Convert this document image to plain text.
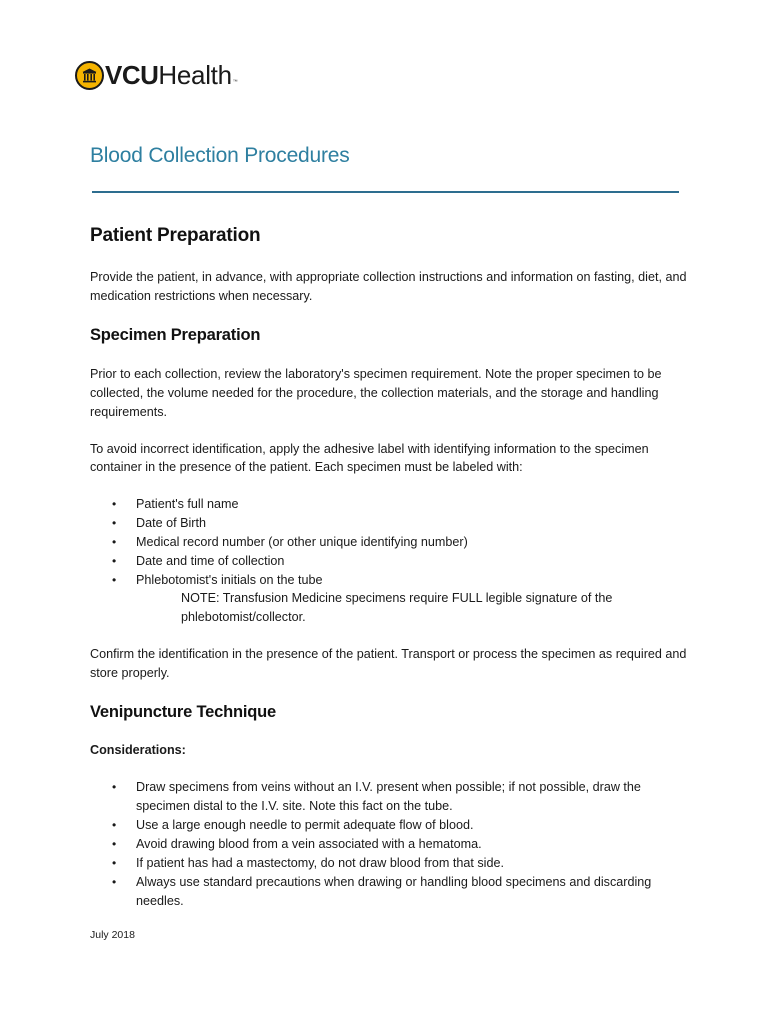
VCU Health ™
Blood Collection Procedures
Patient Preparation

Provide the patient, in advance, with appropriate collection instructions and information on fasting, diet, and medication restrictions when necessary.

Specimen Preparation

Prior to each collection, review the laboratory's specimen requirement. Note the proper specimen to be collected, the volume needed for the procedure, the collection materials, and the storage and handling requirements.

To avoid incorrect identification, apply the adhesive label with identifying information to the specimen container in the presence of the patient. Each specimen must be labeled with:

• Patient's full name
• Date of Birth
• Medical record number (or other unique identifying number)
• Date and time of collection
• Phlebotomist's initials on the tube

NOTE: Transfusion Medicine specimens require FULL legible signature of the phlebotomist/collector.

Confirm the identification in the presence of the patient. Transport or process the specimen as required and store properly.

Venipuncture Technique

Considerations:

• Draw specimens from veins without an I.V. present when possible; if not possible, draw the specimen distal to the I.V. site. Note this fact on the tube.
• Use a large enough needle to permit adequate flow of blood.
• Avoid drawing blood from a vein associated with a hematoma.
• If patient has had a mastectomy, do not draw blood from that side.
• Always use standard precautions when drawing or handling blood specimens and discarding needles.
July 2018
